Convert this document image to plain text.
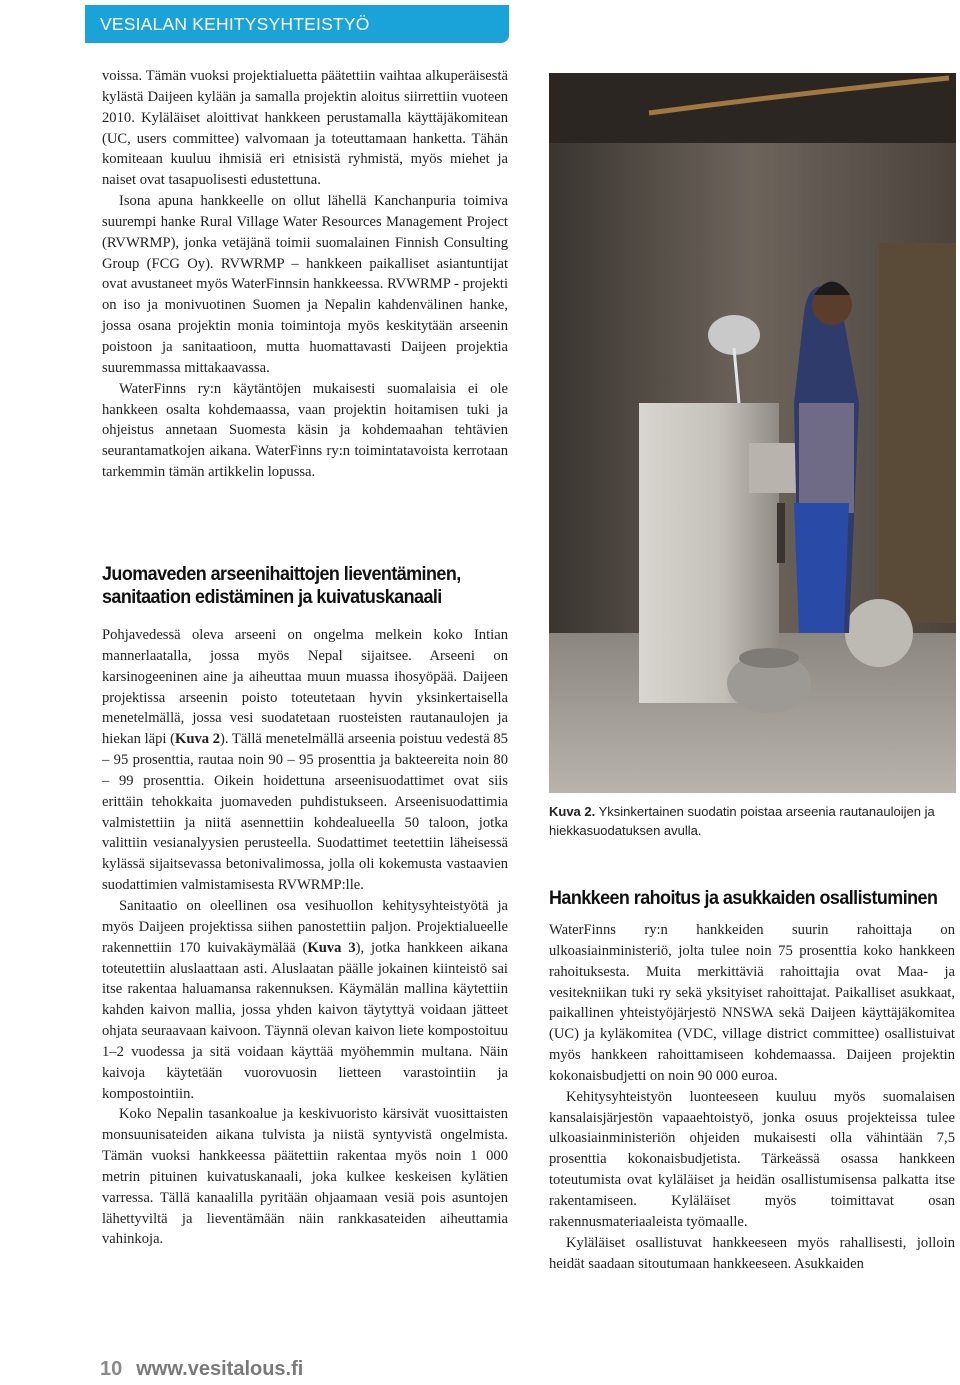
VESIALAN KEHITYSYHTEISTYÖ

voissa. Tämän vuoksi projektialuetta päätettiin vaihtaa alkuperäisestä kylästä Daijeen kylään ja samalla projektin aloitus siirrettiin vuoteen 2010. Kyläläiset aloittivat hankkeen perustamalla käyttäjäkomitean (UC, users committee) valvomaan ja toteuttamaan hanketta. Tähän komiteaan kuuluu ihmisiä eri etnisistä ryhmistä, myös miehet ja naiset ovat tasapuolisesti edustettuna.

Isona apuna hankkeelle on ollut lähellä Kanchanpuria toimiva suurempi hanke Rural Village Water Resources Management Project (RVWRMP), jonka vetäjänä toimii suomalainen Finnish Consulting Group (FCG Oy). RVWRMP – hankkeen paikalliset asiantuntijat ovat avustaneet myös WaterFinnsin hankkeessa. RVWRMP - projekti on iso ja monivuotinen Suomen ja Nepalin kahdenvälinen hanke, jossa osana projektin monia toimintoja myös keskitytään arseenin poistoon ja sanitaatioon, mutta huomattavasti Daijeen projektia suuremmassa mittakaavassa.

WaterFinns ry:n käytäntöjen mukaisesti suomalaisia ei ole hankkeen osalta kohdemaassa, vaan projektin hoitamisen tuki ja ohjeistus annetaan Suomesta käsin ja kohdemaahan tehtävien seurantamatkojen aikana. WaterFinns ry:n toimintatavoista kerrotaan tarkemmin tämän artikkelin lopussa.

Juomaveden arseenihaittojen lieventäminen,
sanitaation edistäminen ja kuivatuskanaali

Pohjavedessä oleva arseeni on ongelma melkein koko Intian mannerlaatalla, jossa myös Nepal sijaitsee. Arseeni on karsinogeeninen aine ja aiheuttaa muun muassa ihosyöpää. Daijeen projektissa arseenin poisto toteutetaan hyvin yksinkertaisella menetelmällä, jossa vesi suodatetaan ruosteisten rautanaulojen ja hiekan läpi (Kuva 2). Tällä menetelmällä arseenia poistuu vedestä 85 – 95 prosenttia, rautaa noin 90 – 95 prosenttia ja bakteereita noin 80 – 99 prosenttia. Oikein hoidettuna arseenisuodattimet ovat siis erittäin tehokkaita juomaveden puhdistukseen. Arseenisuodattimia valmistettiin ja niitä asennettiin kohdealueella 50 taloon, jotka valittiin vesianalyysien perusteella. Suodattimet teetettiin läheisessä kylässä sijaitsevassa betonivalimossa, jolla oli kokemusta vastaavien suodattimien valmistamisesta RVWRMP:lle.

Sanitaatio on oleellinen osa vesihuollon kehitysyhteistyötä ja myös Daijeen projektissa siihen panostettiin paljon. Projektialueelle rakennettiin 170 kuivakäymälää (Kuva 3), jotka hankkeen aikana toteutettiin aluslaattaan asti. Aluslaatan päälle jokainen kiinteistö sai itse rakentaa haluamansa rakennuksen. Käymälän mallina käytettiin kahden kaivon mallia, jossa yhden kaivon täytyttyä voidaan jätteet ohjata seuraavaan kaivoon. Täynnä olevan kaivon liete kompostoituu 1–2 vuodessa ja sitä voidaan käyttää myöhemmin multana. Näin kaivoja käytetään vuorovuosin lietteen varastointiin ja kompostointiin.

Koko Nepalin tasankoalue ja keskivuoristo kärsivät vuosittaisten monsuunisateiden aikana tulvista ja niistä syntyvistä ongelmista. Tämän vuoksi hankkeessa päätettiin rakentaa myös noin 1 000 metrin pituinen kuivatuskanaali, joka kulkee keskeisen kylätien varressa. Tällä kanaalilla pyritään ohjaamaan vesiä pois asuntojen lähettyviltä ja lieventämään näin rankkasateiden aiheuttamia vahinkoja.

Kuva 2. Yksinkertainen suodatin poistaa arseenia rautanauloijen ja hiekkasuodatuksen avulla.
Hankkeen rahoitus ja asukkaiden osallistuminen

WaterFinns ry:n hankkeiden suurin rahoittaja on ulkoasiainministeriö, jolta tulee noin 75 prosenttia koko hankkeen rahoituksesta. Muita merkittäviä rahoittajia ovat Maa- ja vesitekniikan tuki ry sekä yksityiset rahoittajat. Paikalliset asukkaat, paikallinen yhteistyöjärjestö NNSWA sekä Daijeen käyttäjäkomitea (UC) ja kyläkomitea (VDC, village district committee) osallistuivat myös hankkeen rahoittamiseen kohdemaassa. Daijeen projektin kokonaisbudjetti on noin 90 000 euroa.

Kehitysyhteistyön luonteeseen kuuluu myös suomalaisen kansalaisjärjestön vapaaehtoistyö, jonka osuus projekteissa tulee ulkoasiainministeriön ohjeiden mukaisesti olla vähintään 7,5 prosenttia kokonaisbudjetista. Tärkeässä osassa hankkeen toteutumista ovat kyläläiset ja heidän osallistumisensa palkatta itse rakentamiseen. Kyläläiset myös toimittavat osan rakennusmateriaaleista työmaalle.

Kyläläiset osallistuvat hankkeeseen myös rahallisesti, jolloin heidät saadaan sitoutumaan hankkeeseen. Asukkaiden

10 www.vesitalous.fi
